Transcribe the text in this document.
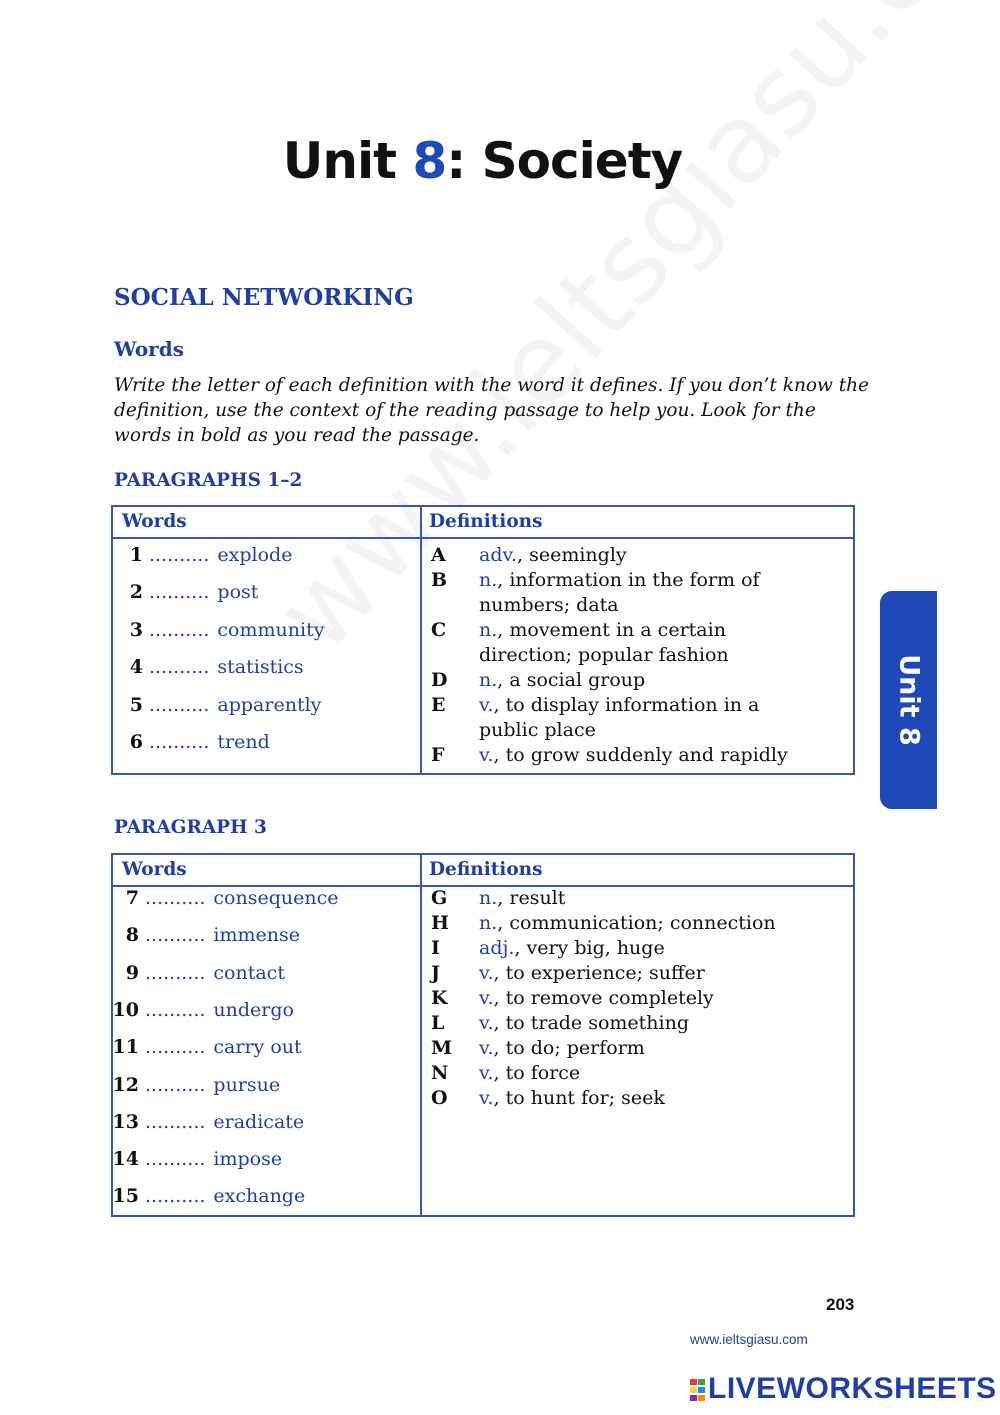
Unit 8: Society
SOCIAL NETWORKING
Words
Write the letter of each definition with the word it defines. If you don’t know the definition, use the context of the reading passage to help you. Look for the words in bold as you read the passage.
PARAGRAPHS 1–2
Words	Definitions
1 .......... explode
2 .......... post
3 .......... community
4 .......... statistics
5 .......... apparently
6 .......... trend
A adv., seemingly
B n., information in the form of
numbers; data
C n., movement in a certain
direction; popular fashion
D n., a social group
E v., to display information in a
public place
F v., to grow suddenly and rapidly
PARAGRAPH 3
Words	Definitions
7 .......... consequence
8 .......... immense
9 .......... contact
10 .......... undergo
11 .......... carry out
12 .......... pursue
13 .......... eradicate
14 .......... impose
15 .......... exchange
G n., result
H n., communication; connection
I adj., very big, huge
J v., to experience; suffer
K v., to remove completely
L v., to trade something
M v., to do; perform
N v., to force
O v., to hunt for; seek
Unit 8
203
www.ieltsgiasu.com
LIVEWORKSHEETS
